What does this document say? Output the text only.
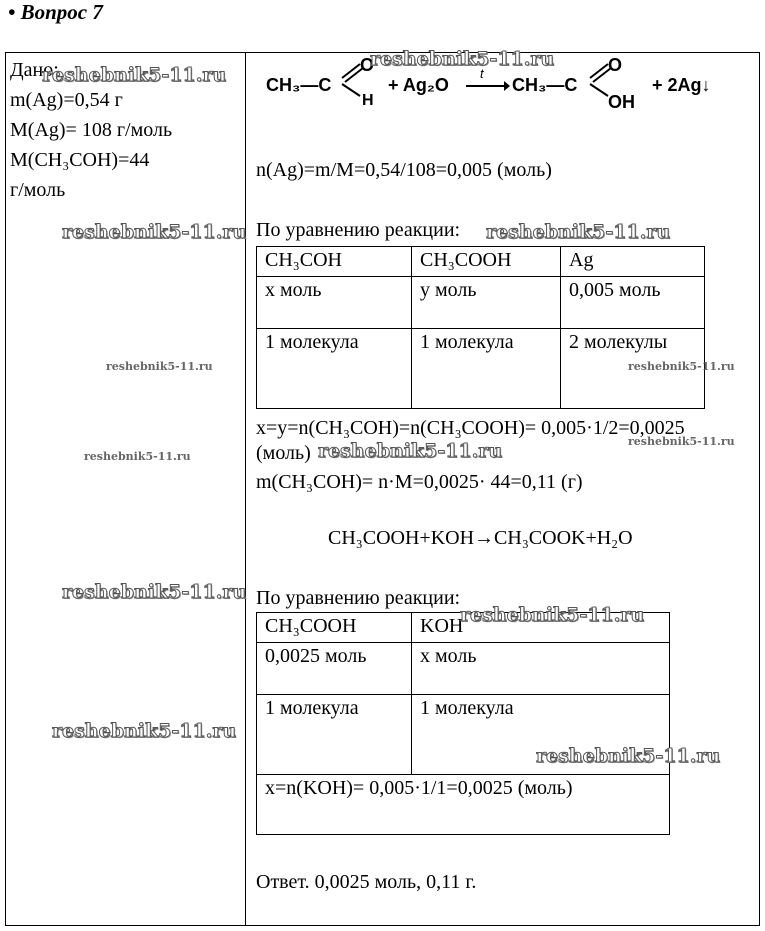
• Вопрос 7
Дано:
m(Ag)=0,54 г
M(Ag)= 108 г/моль
M(CH₃COH)=44
г/моль
CH₃—C
O
H
+ Ag₂O
t
→ CH₃—C
O
OH
+ 2Ag↓
n(Ag)=m/M=0,54/108=0,005 (моль)
По уравнению реакции:
CH₃COH	CH₃COOH	Ag
x моль	y моль	0,005 моль
1 молекула	1 молекула	2 молекулы
x=y=n(CH₃COH)=n(CH₃COOH)= 0,005·1/2=0,0025
(моль)
m(CH₃COH)= n·M=0,0025· 44=0,11 (г)
CH₃COOH+KOH→CH₃COOK+H₂O
По уравнению реакции:
CH₃COOH	KOH
0,0025 моль	x моль
1 молекула	1 молекула
x=n(KOH)= 0,005·1/1=0,0025 (моль)	
Ответ. 0,0025 моль, 0,11 г.
reshebnik5-11.ru
reshebnik5-11.ru
reshebnik5-11.ru	reshebnik5-11.ru
reshebnik5-11.ru	reshebnik5-11.ru
reshebnik5-11.ru
reshebnik5-11.ru	reshebnik5-11.ru
reshebnik5-11.ru
reshebnik5-11.ru
reshebnik5-11.ru
reshebnik5-11.ru
